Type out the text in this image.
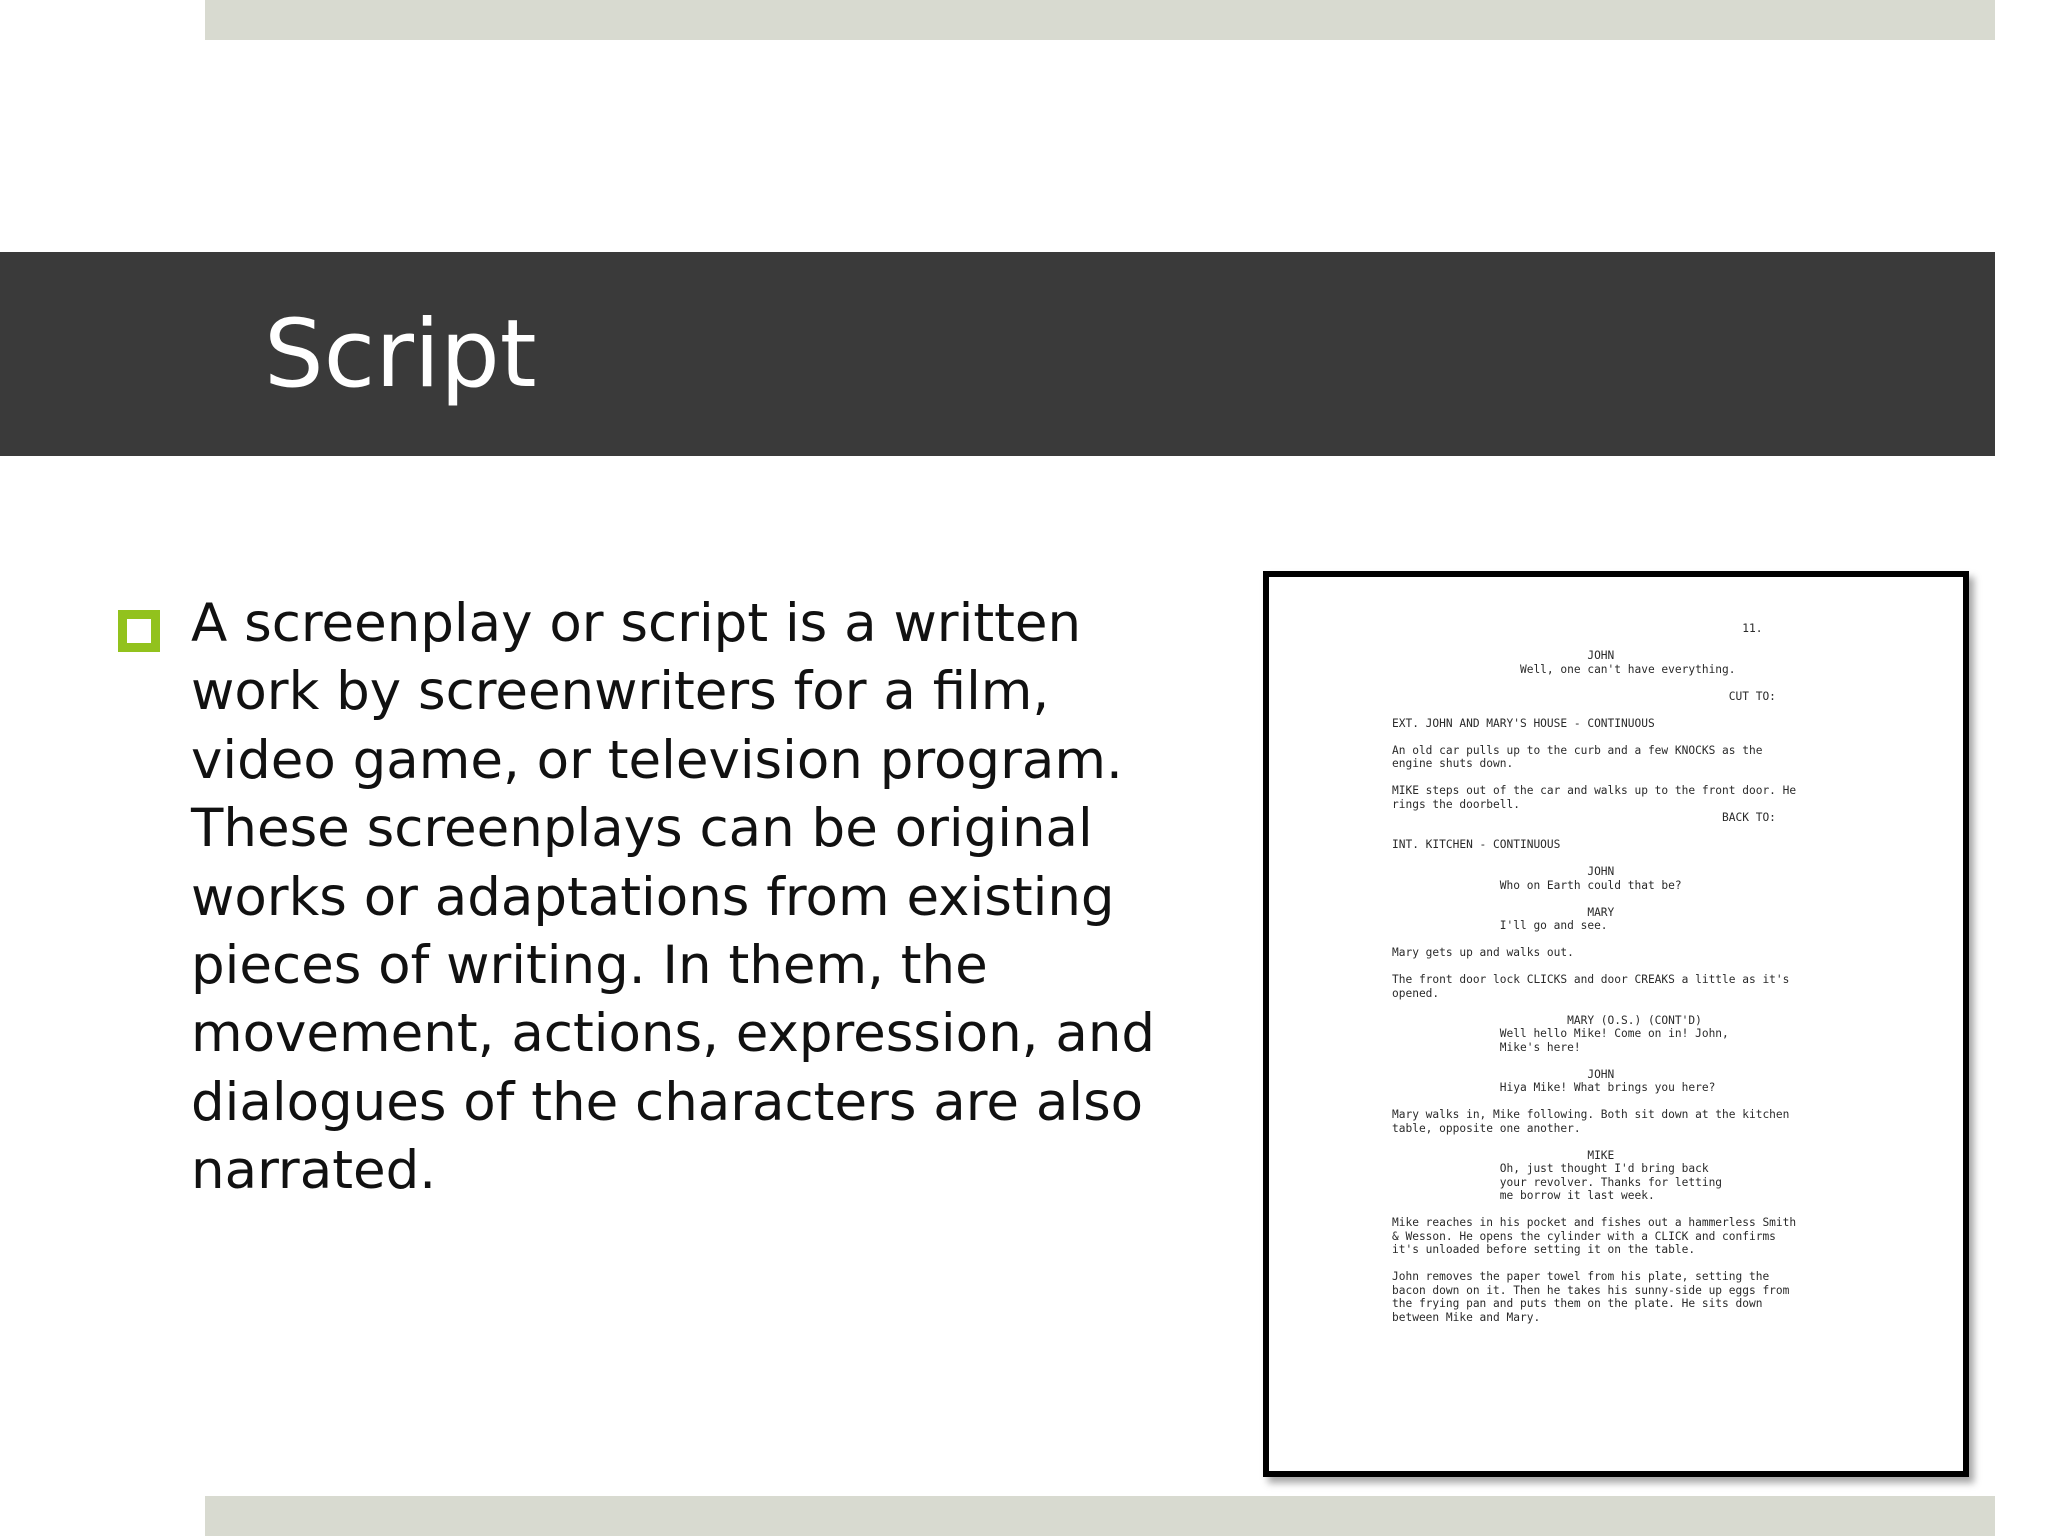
Script

A screenplay or script is a written work by screenwriters for a film, video game, or television program. These screenplays can be original works or adaptations from existing pieces of writing. In them, the movement, actions, expression, and dialogues of the characters are also narrated.

11.

JOHN
Well, one can't have everything.

CUT TO:

EXT. JOHN AND MARY'S HOUSE - CONTINUOUS

An old car pulls up to the curb and a few KNOCKS as the
engine shuts down.

MIKE steps out of the car and walks up to the front door. He
rings the doorbell.
BACK TO:

INT. KITCHEN - CONTINUOUS

JOHN
Who on Earth could that be?

MARY
I'll go and see.

Mary gets up and walks out.

The front door lock CLICKS and door CREAKS a little as it's
opened.

MARY (O.S.) (CONT'D)
Well hello Mike! Come on in! John,
Mike's here!

JOHN
Hiya Mike! What brings you here?

Mary walks in, Mike following. Both sit down at the kitchen
table, opposite one another.

MIKE
Oh, just thought I'd bring back
your revolver. Thanks for letting
me borrow it last week.

Mike reaches in his pocket and fishes out a hammerless Smith
& Wesson. He opens the cylinder with a CLICK and confirms
it's unloaded before setting it on the table.

John removes the paper towel from his plate, setting the
bacon down on it. Then he takes his sunny-side up eggs from
the frying pan and puts them on the plate. He sits down
between Mike and Mary.
